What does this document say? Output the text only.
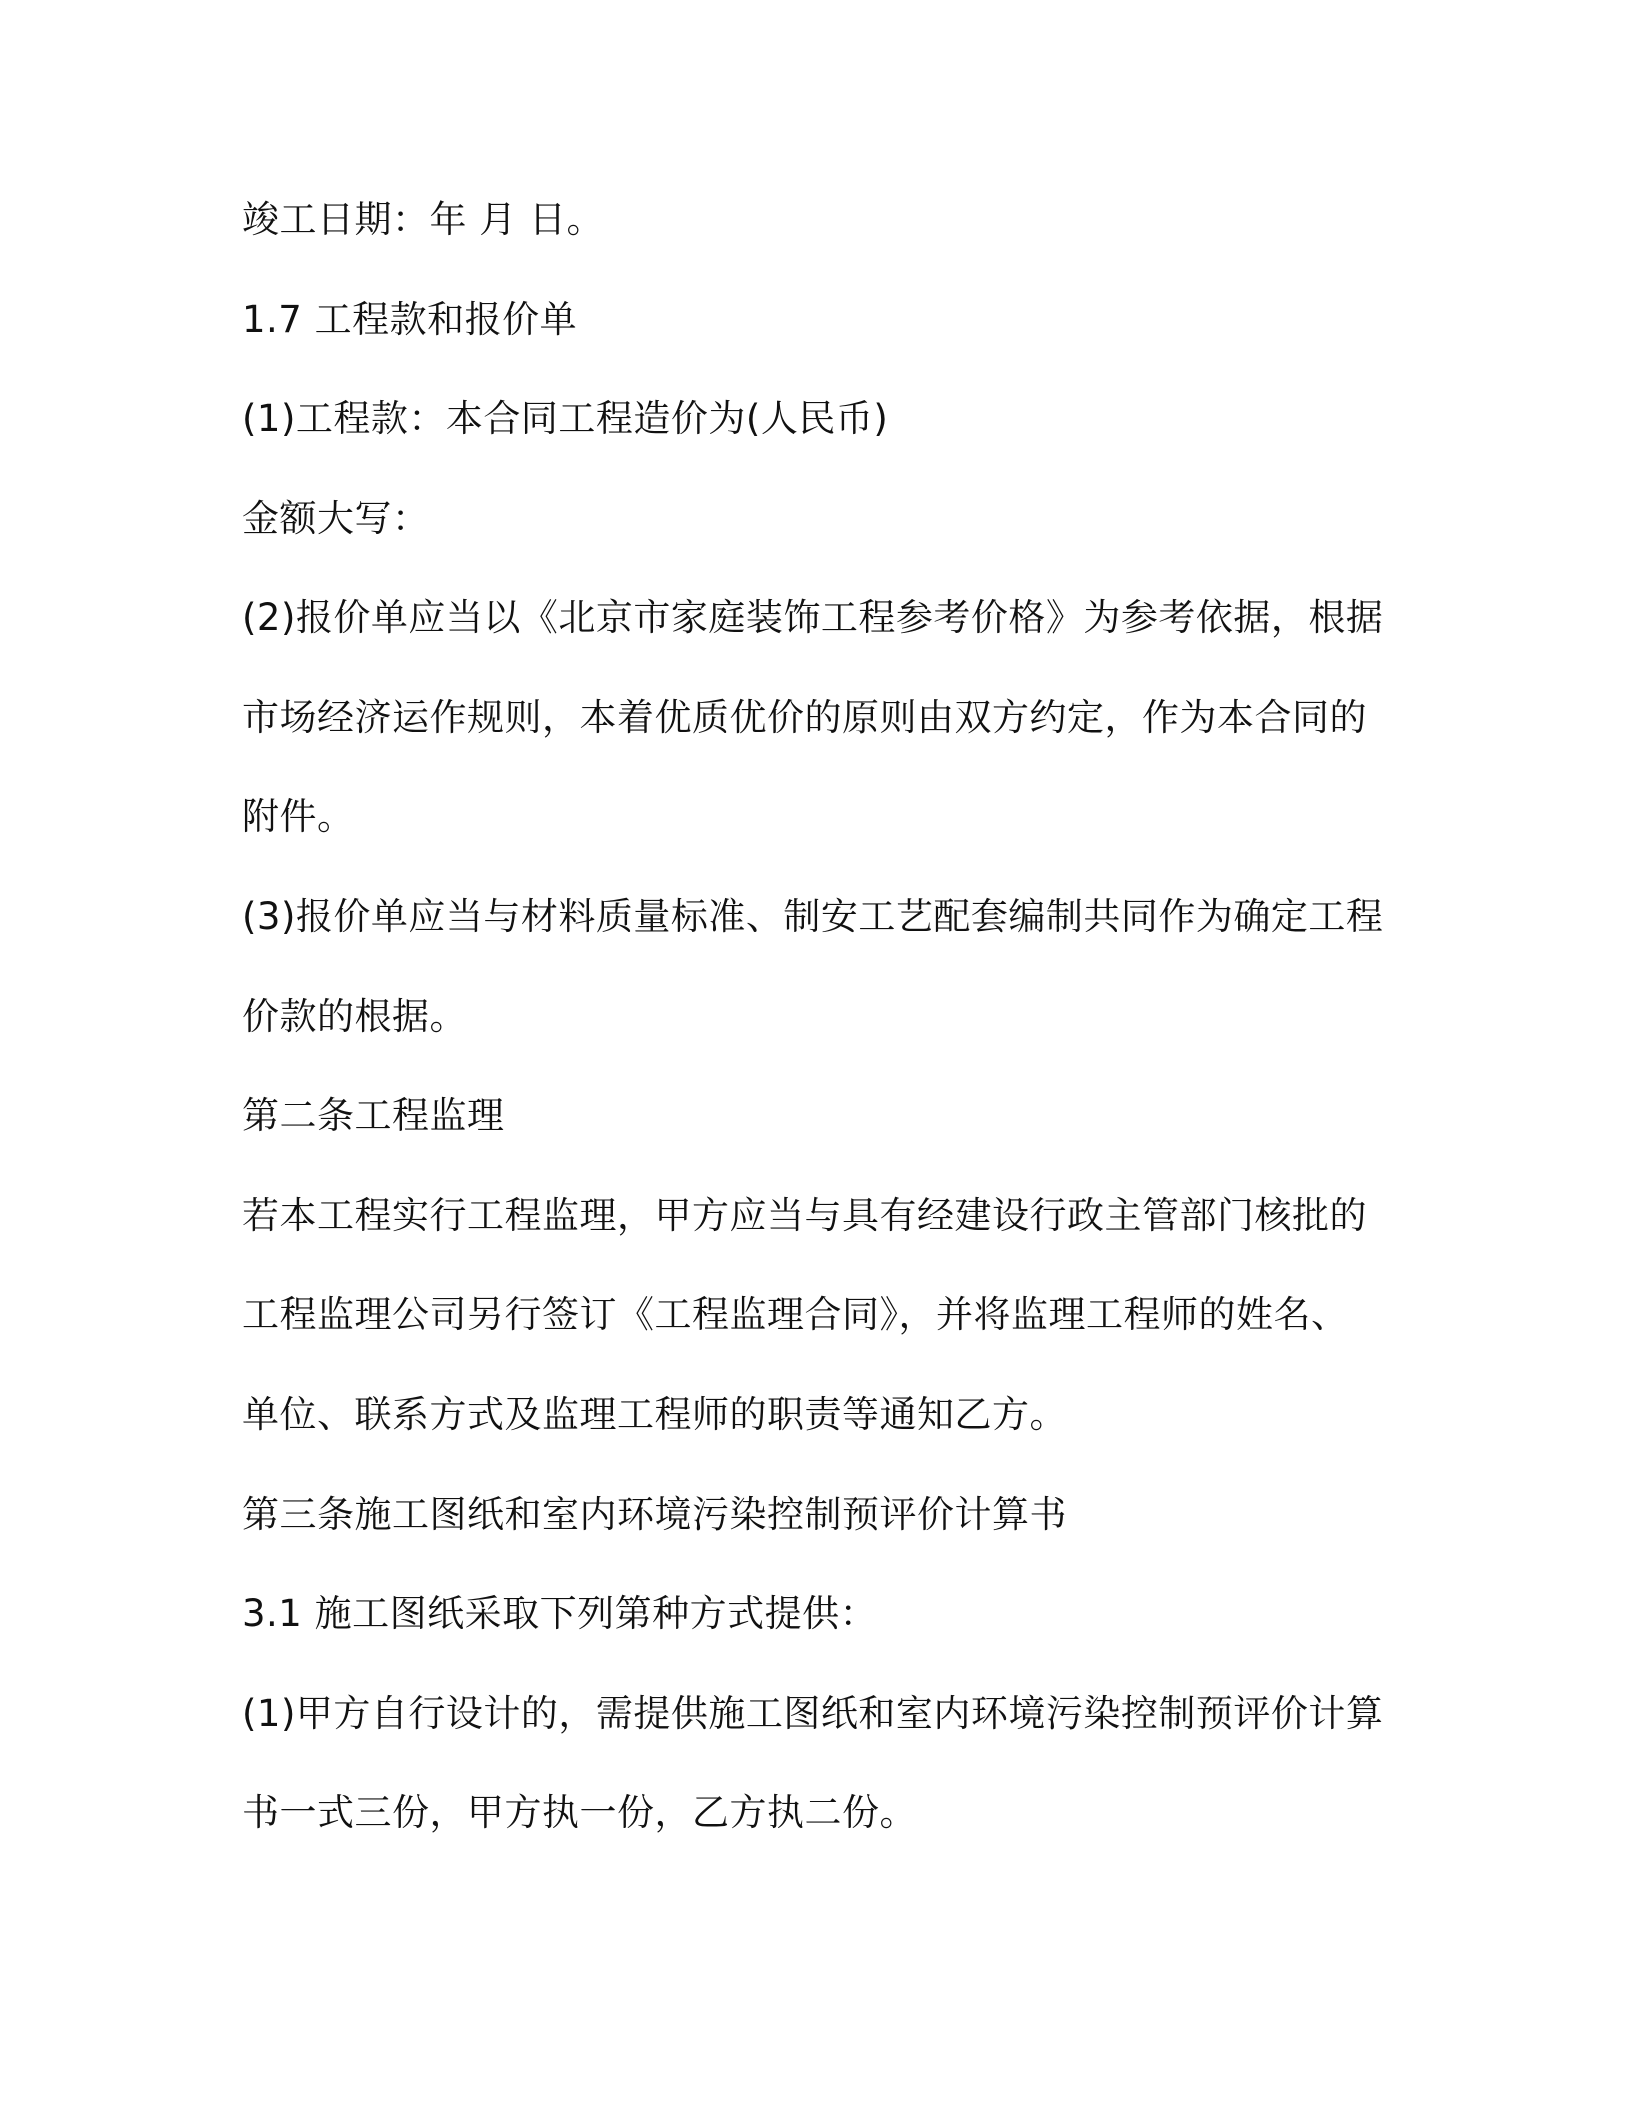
竣工日期：年 月 日。
1.7 工程款和报价单
(1)工程款：本合同工程造价为(人民币)
金额大写：
(2)报价单应当以《北京市家庭装饰工程参考价格》为参考依据，根据
市场经济运作规则，本着优质优价的原则由双方约定，作为本合同的
附件。
(3)报价单应当与材料质量标准、制安工艺配套编制共同作为确定工程
价款的根据。
第二条工程监理
若本工程实行工程监理，甲方应当与具有经建设行政主管部门核批的
工程监理公司另行签订《工程监理合同》，并将监理工程师的姓名、
单位、联系方式及监理工程师的职责等通知乙方。
第三条施工图纸和室内环境污染控制预评价计算书
3.1 施工图纸采取下列第种方式提供：
(1)甲方自行设计的，需提供施工图纸和室内环境污染控制预评价计算
书一式三份，甲方执一份，乙方执二份。
